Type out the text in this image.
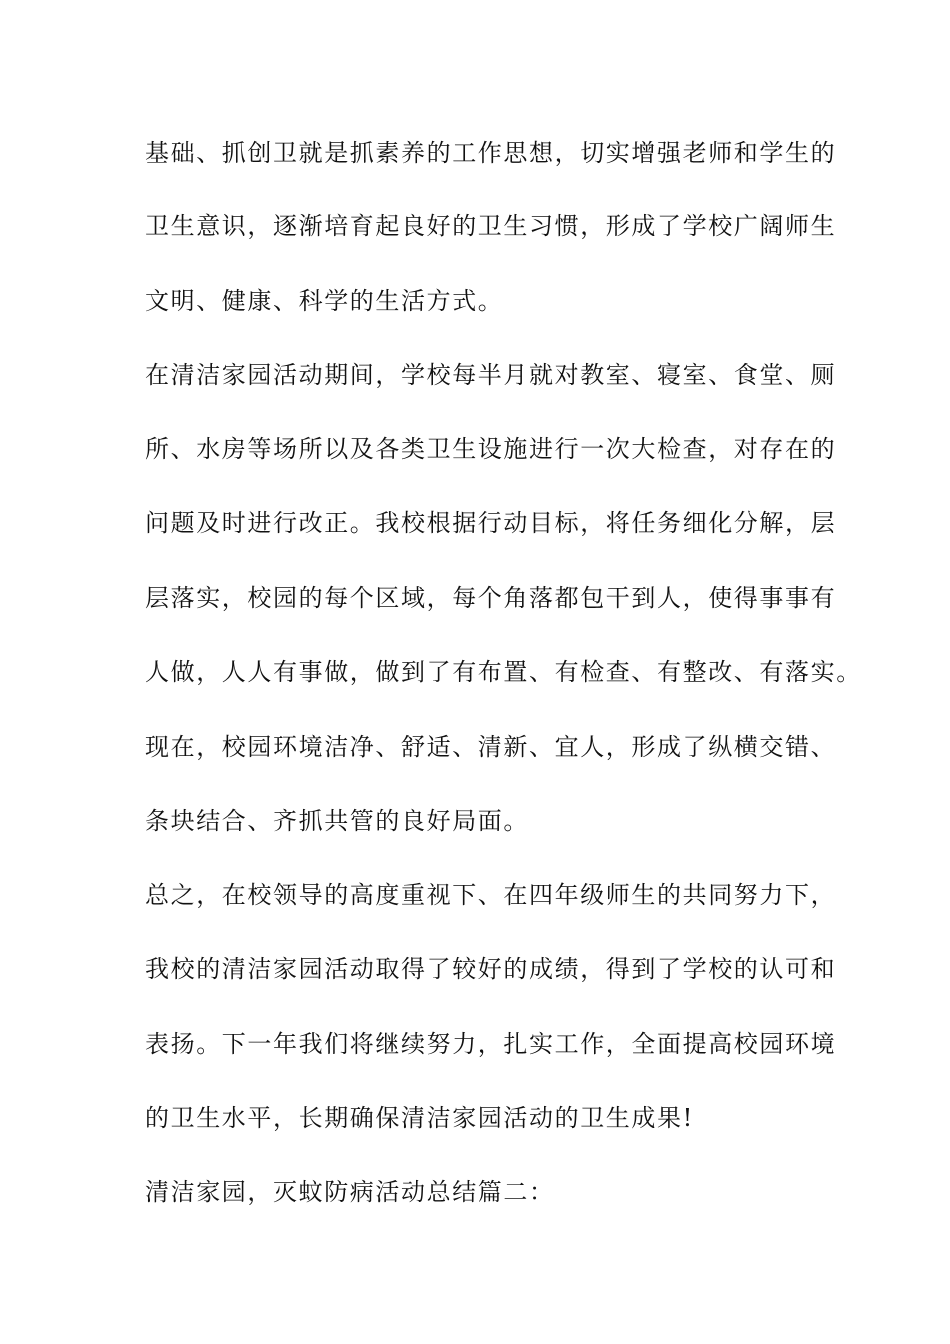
基础、抓创卫就是抓素养的工作思想，切实增强老师和学生的
卫生意识，逐渐培育起良好的卫生习惯，形成了学校广阔师生
文明、健康、科学的生活方式。
在清洁家园活动期间，学校每半月就对教室、寝室、食堂、厕
所、水房等场所以及各类卫生设施进行一次大检查，对存在的
问题及时进行改正。我校根据行动目标，将任务细化分解，层
层落实，校园的每个区域，每个角落都包干到人，使得事事有
人做，人人有事做，做到了有布置、有检查、有整改、有落实。
现在，校园环境洁净、舒适、清新、宜人，形成了纵横交错、
条块结合、齐抓共管的良好局面。
总之，在校领导的高度重视下、在四年级师生的共同努力下，
我校的清洁家园活动取得了较好的成绩，得到了学校的认可和
表扬。下一年我们将继续努力，扎实工作，全面提高校园环境
的卫生水平，长期确保清洁家园活动的卫生成果!
清洁家园，灭蚊防病活动总结篇二：
